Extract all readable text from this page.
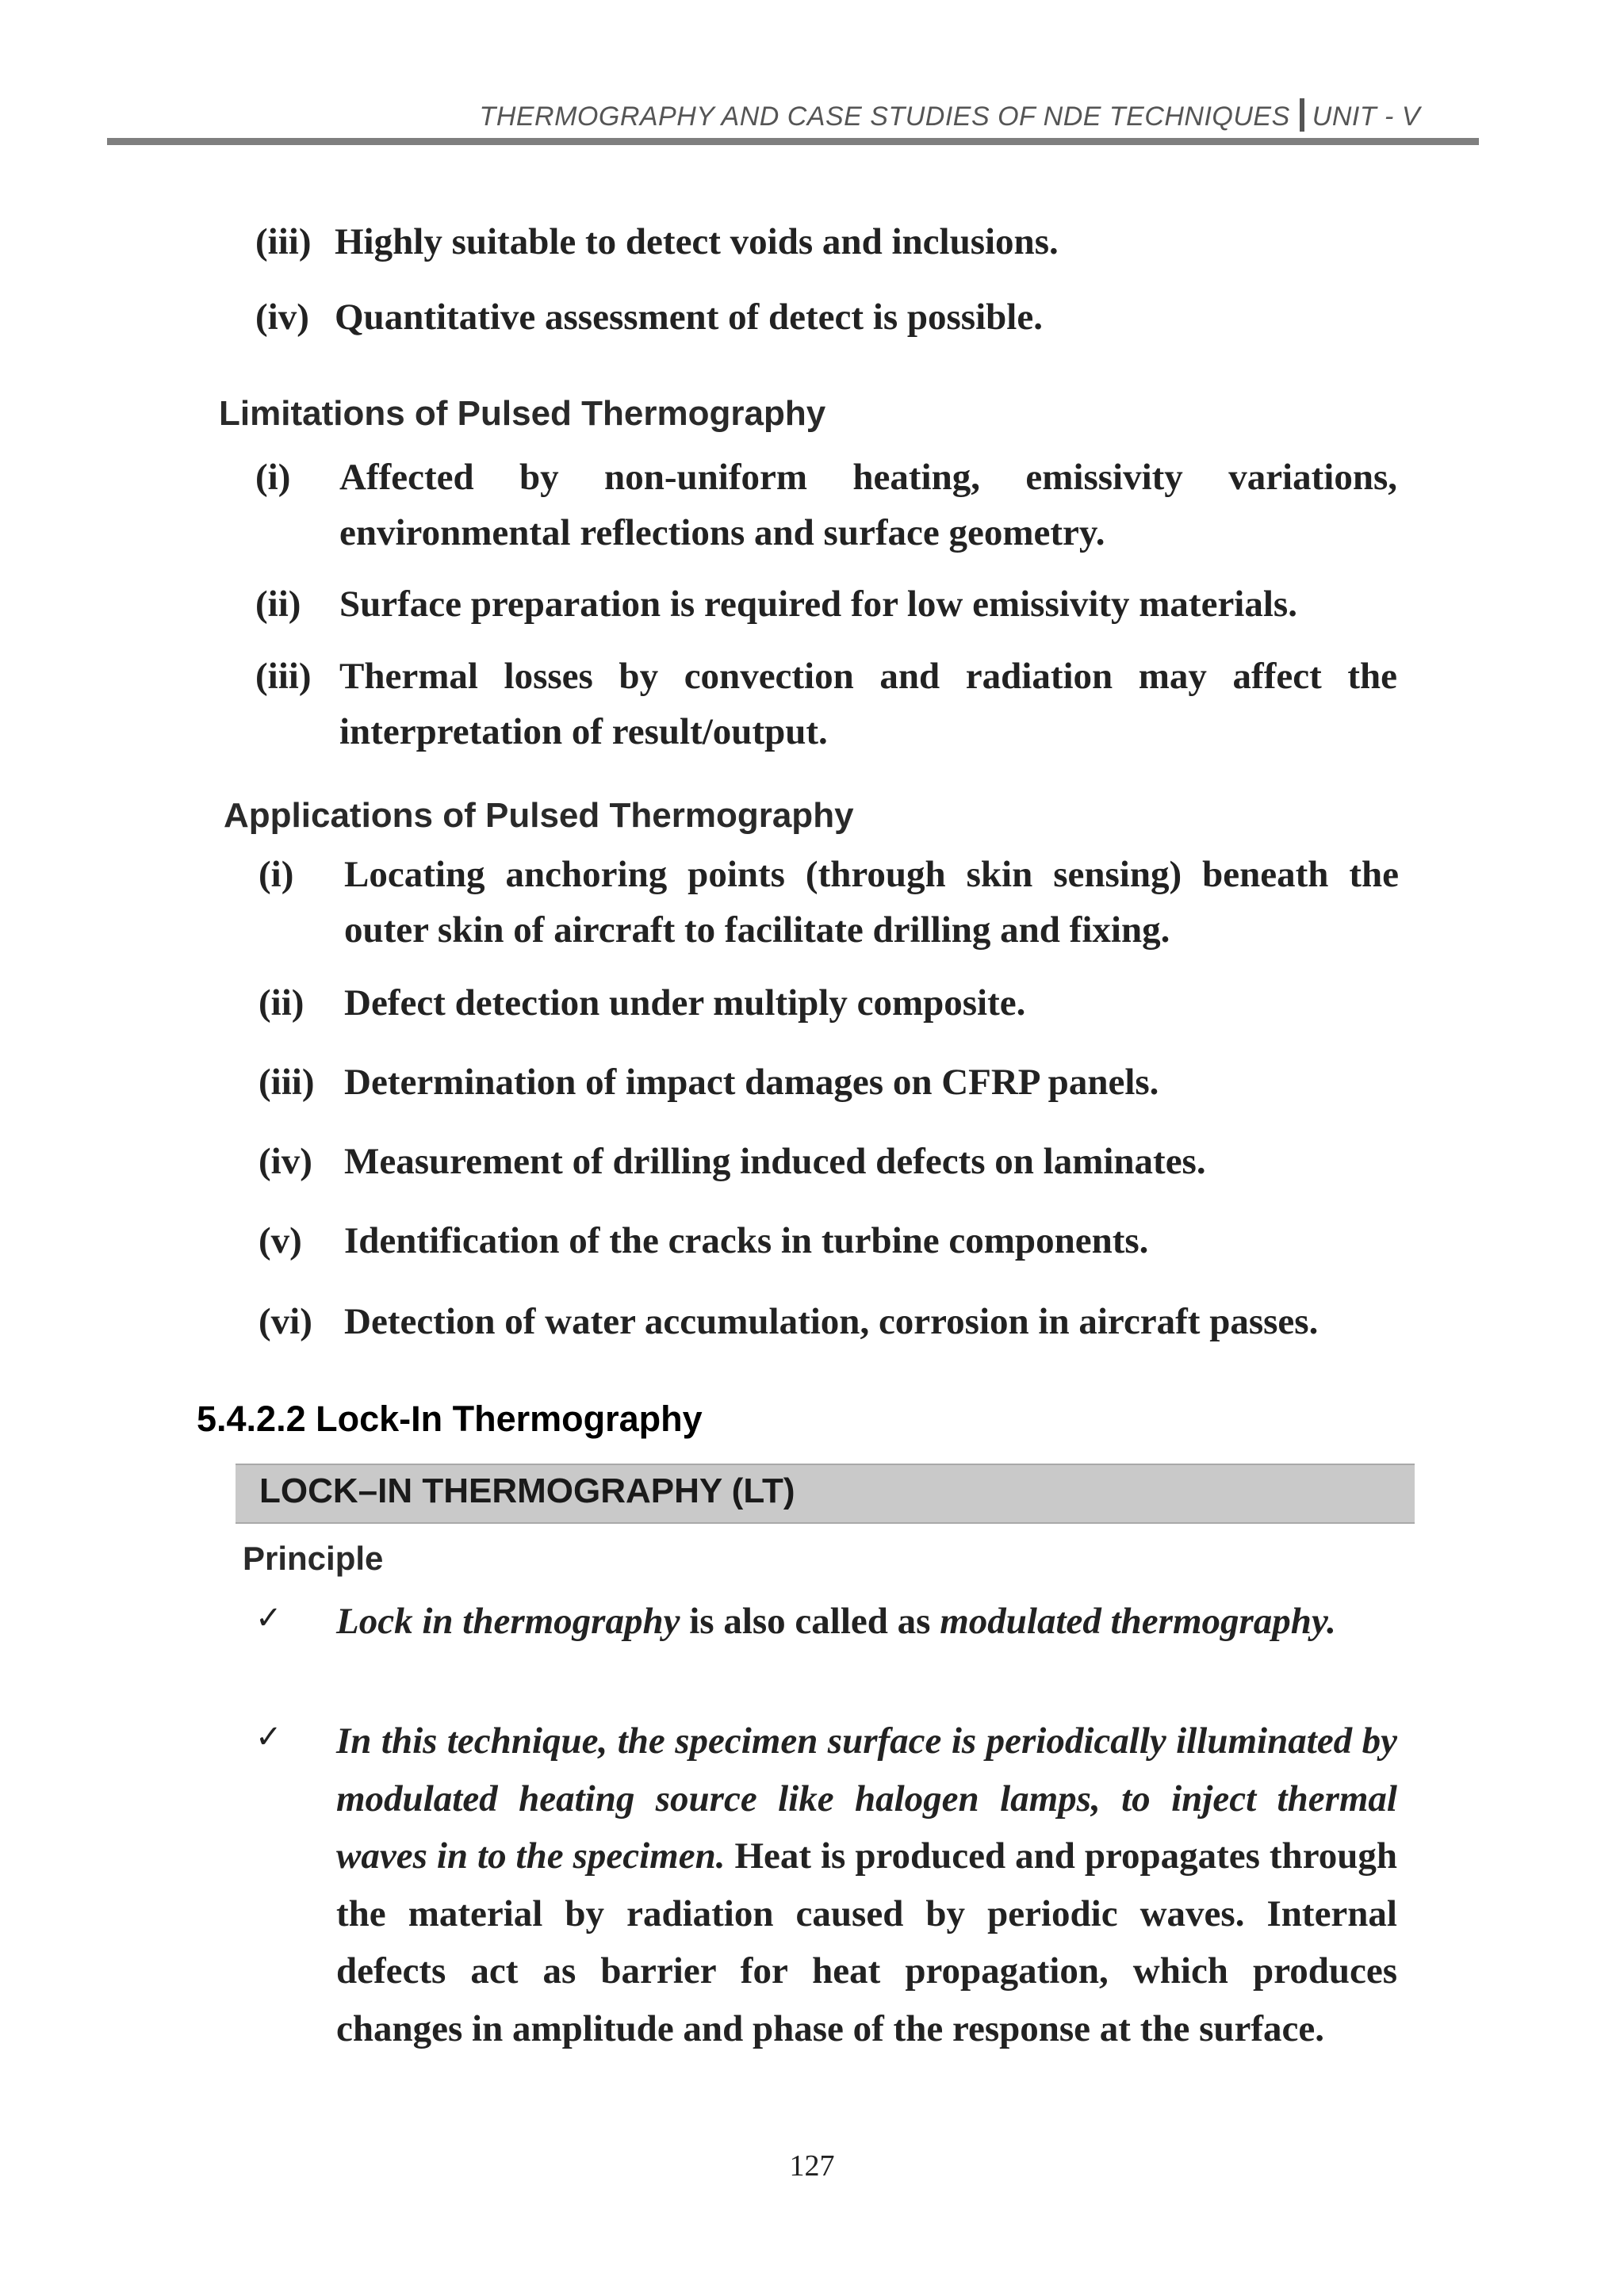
THERMOGRAPHY AND CASE STUDIES OF NDE TECHNIQUES UNIT - V
(iii) Highly suitable to detect voids and inclusions.
(iv) Quantitative assessment of detect is possible.
Limitations of Pulsed Thermography
(i) Affected by non-uniform heating, emissivity variations, environmental reflections and surface geometry.
(ii) Surface preparation is required for low emissivity materials.
(iii) Thermal losses by convection and radiation may affect the interpretation of result/output.
Applications of Pulsed Thermography
(i) Locating anchoring points (through skin sensing) beneath the outer skin of aircraft to facilitate drilling and fixing.
(ii) Defect detection under multiply composite.
(iii) Determination of impact damages on CFRP panels.
(iv) Measurement of drilling induced defects on laminates.
(v) Identification of the cracks in turbine components.
(vi) Detection of water accumulation, corrosion in aircraft passes.
5.4.2.2 Lock-In Thermography
LOCK–IN THERMOGRAPHY (LT)
Principle
✓ Lock in thermography is also called as modulated thermography.
✓ In this technique, the specimen surface is periodically illuminated by modulated heating source like halogen lamps, to inject thermal waves in to the specimen. Heat is produced and propagates through the material by radiation caused by periodic waves. Internal defects act as barrier for heat propagation, which produces changes in amplitude and phase of the response at the surface.
127
